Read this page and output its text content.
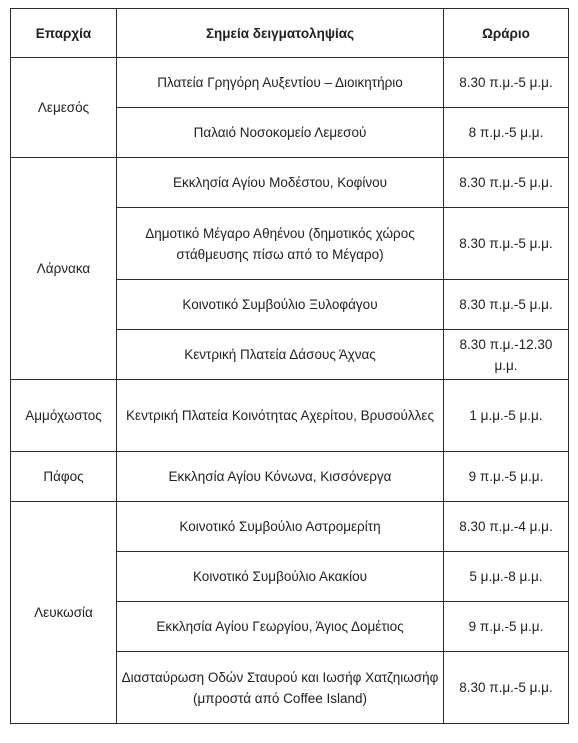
Επαρχία	Σημεία δειγματοληψίας	Ωράριο
Λεμεσός	Πλατεία Γρηγόρη Αυξεντίου – Διοικητήριο	8.30 π.μ.-5 μ.μ.
	Παλαιό Νοσοκομείο Λεμεσού	8 π.μ.-5 μ.μ.
Λάρνακα	Εκκλησία Αγίου Μοδέστου, Κοφίνου	8.30 π.μ.-5 μ.μ.
	Δημοτικό Μέγαρο Αθηένου (δημοτικός χώρος στάθμευσης πίσω από το Μέγαρο)	8.30 π.μ.-5 μ.μ.
	Κοινοτικό Συμβούλιο Ξυλοφάγου	8.30 π.μ.-5 μ.μ.
	Κεντρική Πλατεία Δάσους Άχνας	8.30 π.μ.-12.30 μ.μ.
Αμμόχωστος	Κεντρική Πλατεία Κοινότητας Αχερίτου, Βρυσούλλες	1 μ.μ.-5 μ.μ.
Πάφος	Εκκλησία Αγίου Κόνωνα, Κισσόνεργα	9 π.μ.-5 μ.μ.
Λευκωσία	Κοινοτικό Συμβούλιο Αστρομερίτη	8.30 π.μ.-4 μ.μ.
	Κοινοτικό Συμβούλιο Ακακίου	5 μ.μ.-8 μ.μ.
	Εκκλησία Αγίου Γεωργίου, Άγιος Δομέτιος	9 π.μ.-5 μ.μ.
	Διασταύρωση Οδών Σταυρού και Ιωσήφ Χατζηιωσήφ (μπροστά από Coffee Island)	8.30 π.μ.-5 μ.μ.
